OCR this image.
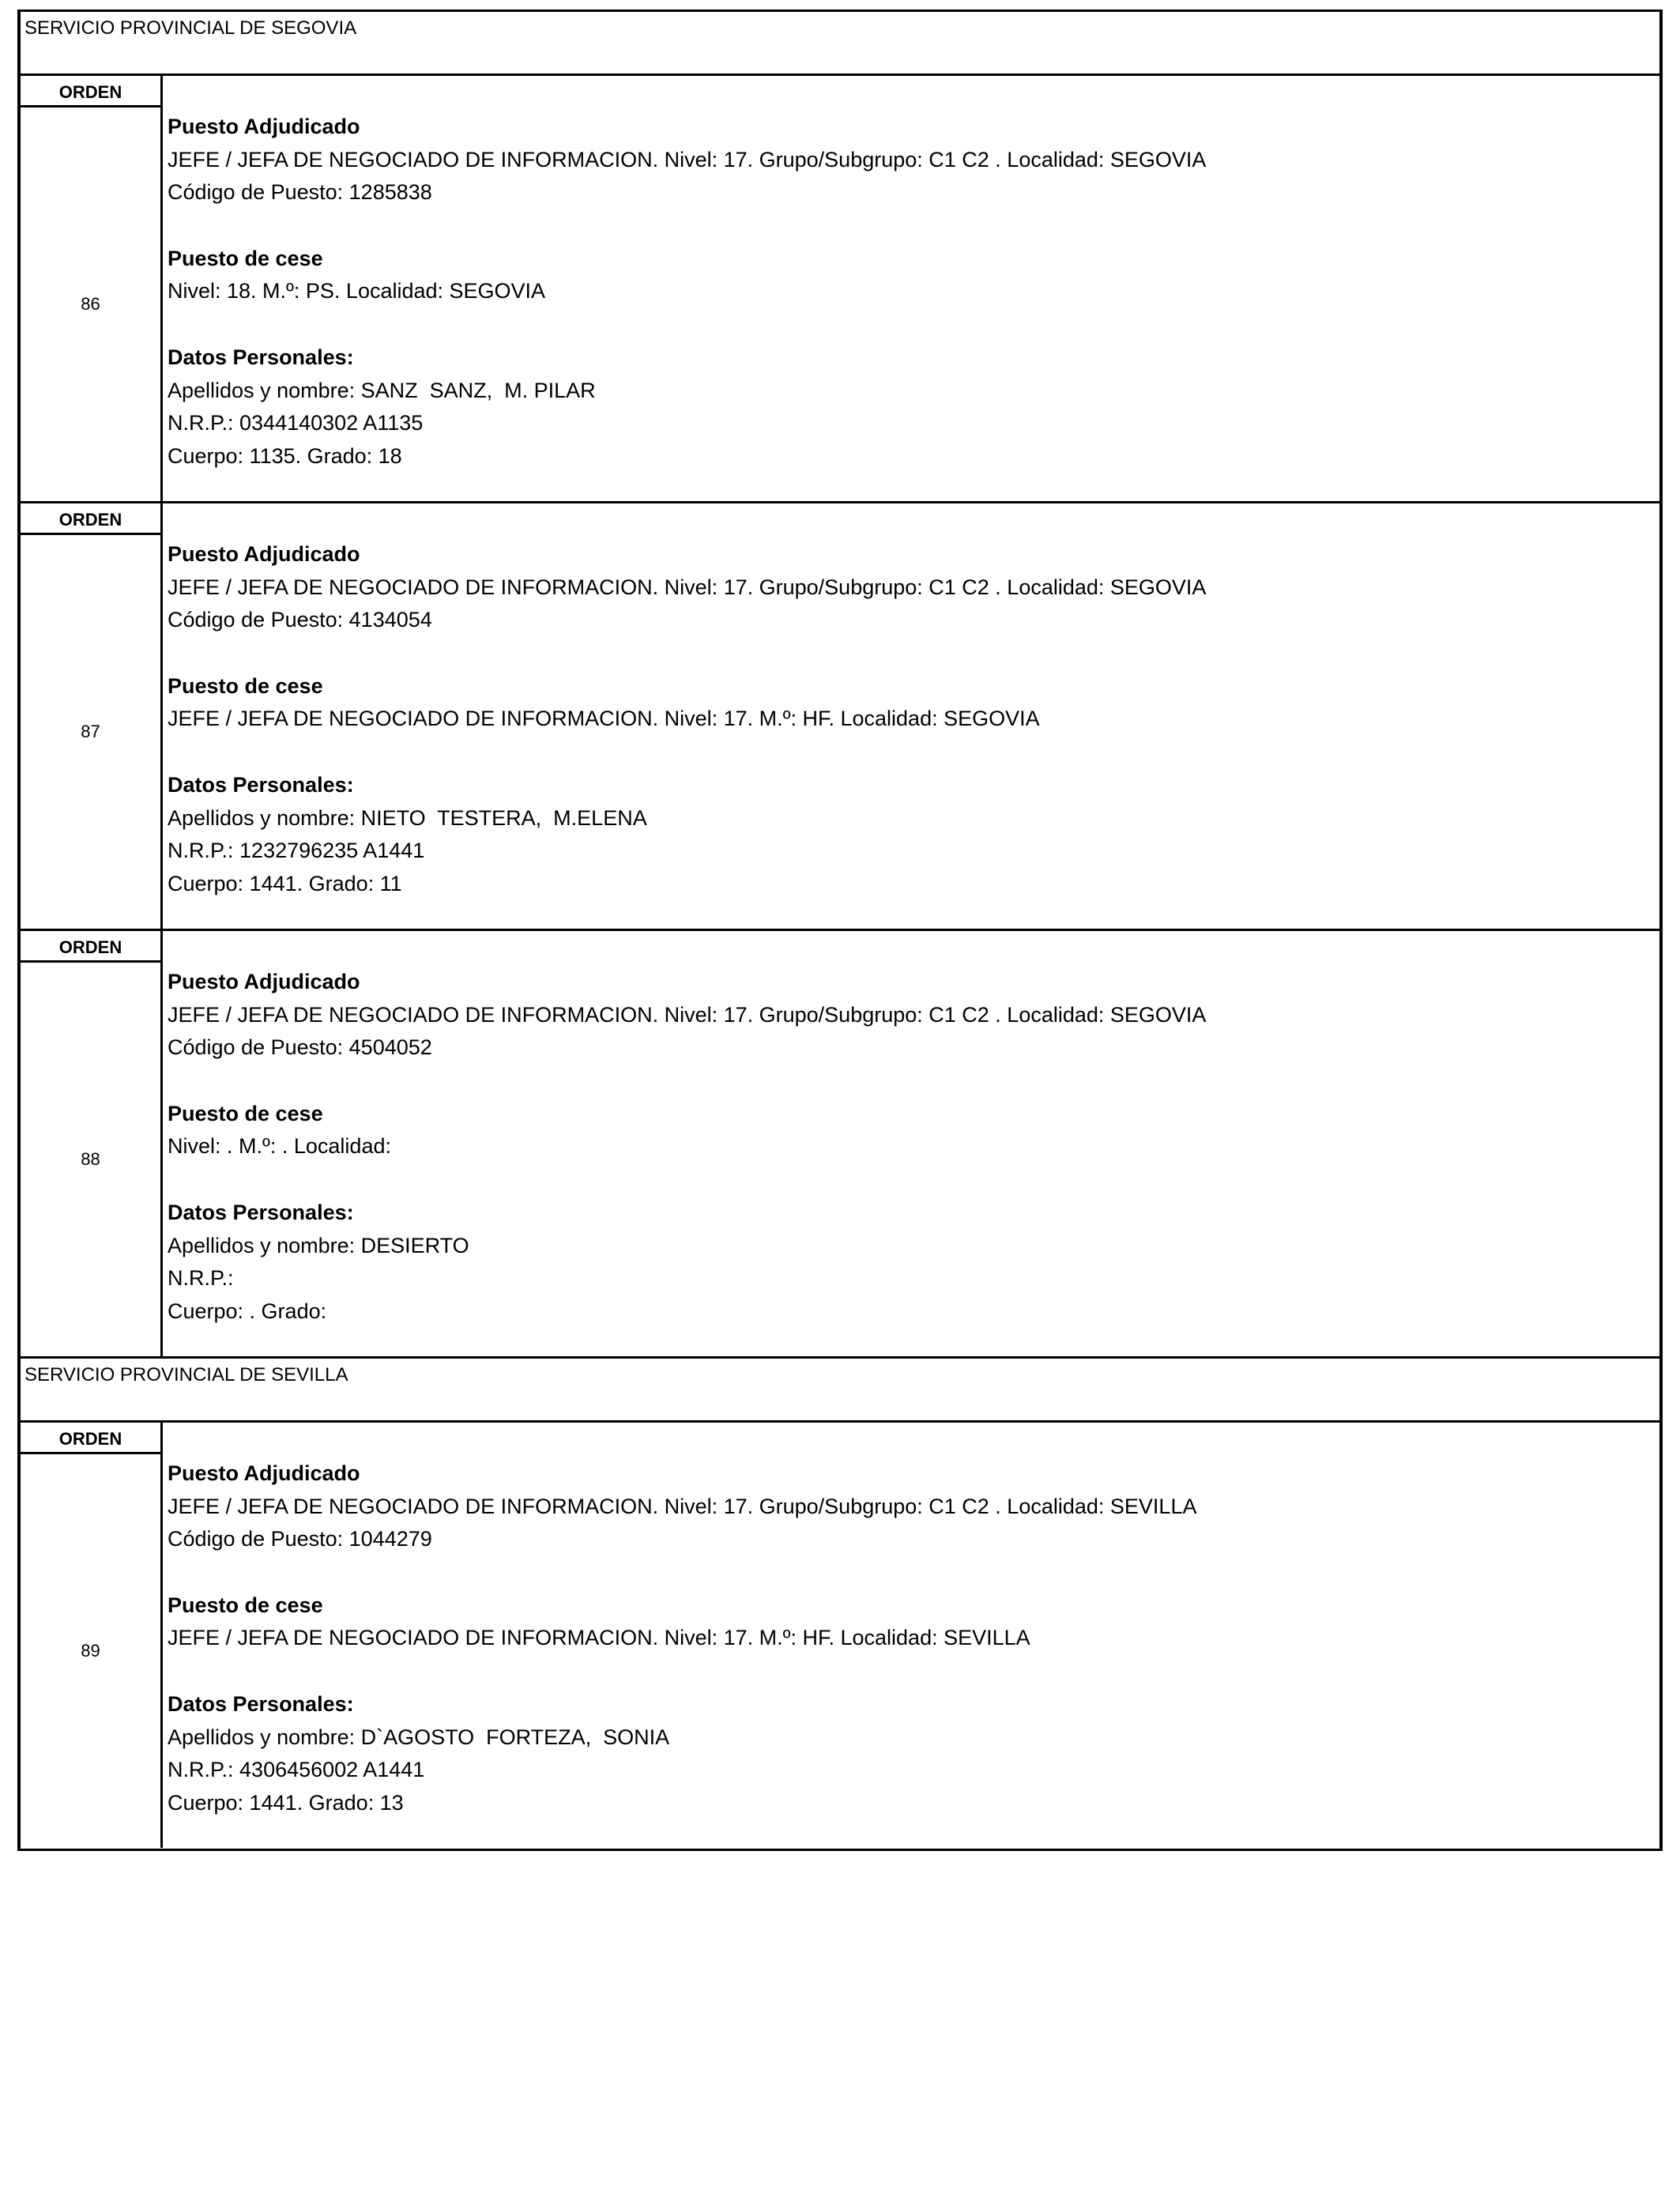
SERVICIO PROVINCIAL DE SEGOVIA
ORDEN
86
Puesto Adjudicado
JEFE / JEFA DE NEGOCIADO DE INFORMACION. Nivel: 17. Grupo/Subgrupo: C1 C2 . Localidad: SEGOVIA
Código de Puesto: 1285838
Puesto de cese
Nivel: 18. M.º: PS. Localidad: SEGOVIA
Datos Personales:
Apellidos y nombre: SANZ  SANZ,  M. PILAR
N.R.P.: 0344140302 A1135
Cuerpo: 1135. Grado: 18
ORDEN
87
Puesto Adjudicado
JEFE / JEFA DE NEGOCIADO DE INFORMACION. Nivel: 17. Grupo/Subgrupo: C1 C2 . Localidad: SEGOVIA
Código de Puesto: 4134054
Puesto de cese
JEFE / JEFA DE NEGOCIADO DE INFORMACION. Nivel: 17. M.º: HF. Localidad: SEGOVIA
Datos Personales:
Apellidos y nombre: NIETO  TESTERA,  M.ELENA
N.R.P.: 1232796235 A1441
Cuerpo: 1441. Grado: 11
ORDEN
88
Puesto Adjudicado
JEFE / JEFA DE NEGOCIADO DE INFORMACION. Nivel: 17. Grupo/Subgrupo: C1 C2 . Localidad: SEGOVIA
Código de Puesto: 4504052
Puesto de cese
Nivel: . M.º: . Localidad:
Datos Personales:
Apellidos y nombre: DESIERTO
N.R.P.:
Cuerpo: . Grado:
SERVICIO PROVINCIAL DE SEVILLA
ORDEN
89
Puesto Adjudicado
JEFE / JEFA DE NEGOCIADO DE INFORMACION. Nivel: 17. Grupo/Subgrupo: C1 C2 . Localidad: SEVILLA
Código de Puesto: 1044279
Puesto de cese
JEFE / JEFA DE NEGOCIADO DE INFORMACION. Nivel: 17. M.º: HF. Localidad: SEVILLA
Datos Personales:
Apellidos y nombre: D`AGOSTO  FORTEZA,  SONIA
N.R.P.: 4306456002 A1441
Cuerpo: 1441. Grado: 13
